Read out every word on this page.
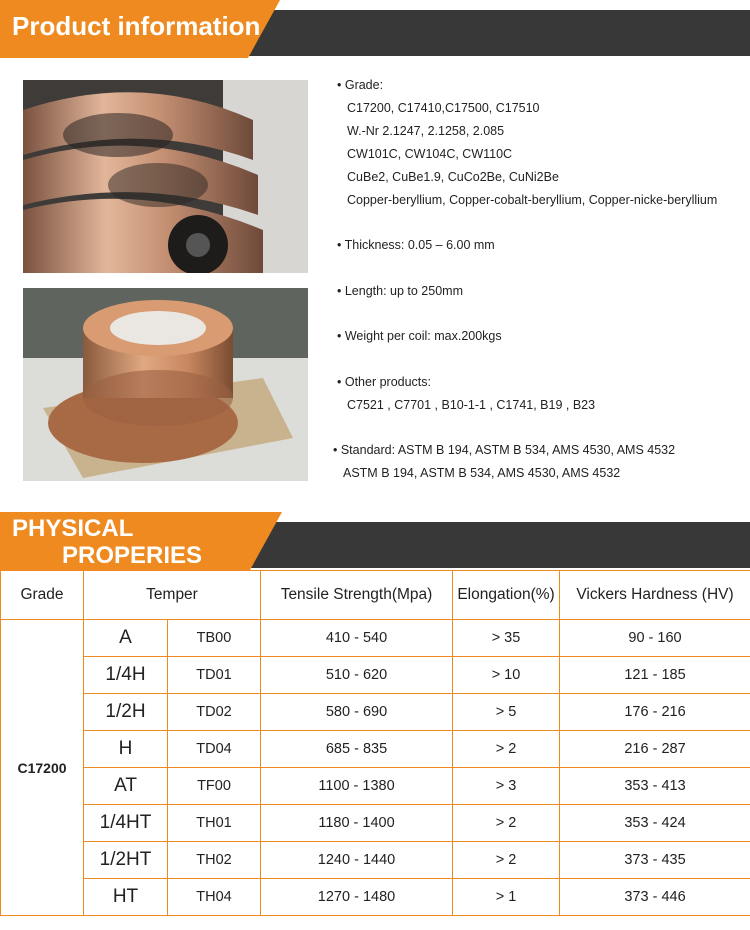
Product information
• Grade:
C17200, C17410,C17500, C17510
W.-Nr 2.1247, 2.1258, 2.085
CW101C, CW104C, CW110C
CuBe2, CuBe1.9, CuCo2Be, CuNi2Be
Copper-beryllium, Copper-cobalt-beryllium, Copper-nicke-beryllium
• Thickness: 0.05 – 6.00 mm
• Length: up to 250mm
• Weight per coil: max.200kgs
• Other products:
C7521 , C7701 , B10-1-1 , C1741, B19 , B23
• Standard: ASTM B 194, ASTM B 534, AMS 4530, AMS 4532
ASTM B 194, ASTM B 534, AMS 4530, AMS 4532
PHYSICAL
PROPERIES
Grade	Temper		Tensile Strength(Mpa)	Elongation(%)	Vickers Hardness (HV)
C17200	A	TB00	410 - 540	> 35	90 - 160
	1/4H	TD01	510 - 620	> 10	121 - 185
	1/2H	TD02	580 - 690	> 5	176 - 216
	H	TD04	685 - 835	> 2	216 - 287
	AT	TF00	1100 - 1380	> 3	353 - 413
	1/4HT	TH01	1180 - 1400	> 2	353 - 424
	1/2HT	TH02	1240 - 1440	> 2	373 - 435
	HT	TH04	1270 - 1480	> 1	373 - 446
